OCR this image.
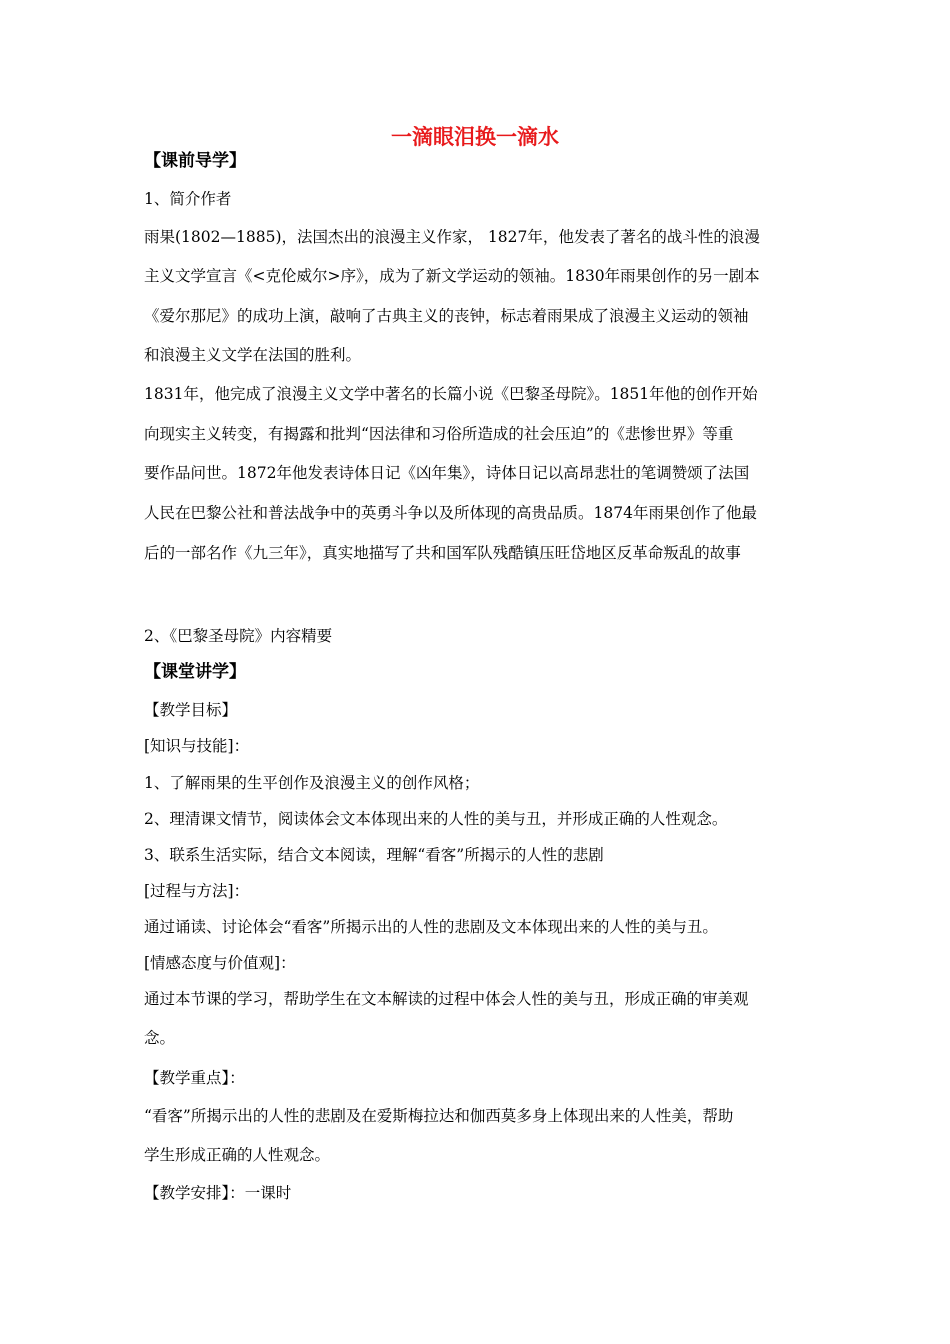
一滴眼泪换一滴水
【课前导学】
1、简介作者
雨果(1802—1885)，法国杰出的浪漫主义作家， 1827年，他发表了著名的战斗性的浪漫
主义文学宣言《<克伦威尔>序》，成为了新文学运动的领袖。1830年雨果创作的另一剧本
《爱尔那尼》的成功上演，敲响了古典主义的丧钟，标志着雨果成了浪漫主义运动的领袖
和浪漫主义文学在法国的胜利。
1831年，他完成了浪漫主义文学中著名的长篇小说《巴黎圣母院》。1851年他的创作开始
向现实主义转变，有揭露和批判“因法律和习俗所造成的社会压迫”的《悲惨世界》等重
要作品问世。1872年他发表诗体日记《凶年集》，诗体日记以高昂悲壮的笔调赞颂了法国
人民在巴黎公社和普法战争中的英勇斗争以及所体现的高贵品质。1874年雨果创作了他最
后的一部名作《九三年》，真实地描写了共和国军队残酷镇压旺岱地区反革命叛乱的故事
2、《巴黎圣母院》内容精要
【课堂讲学】
【教学目标】
[知识与技能]：
1、了解雨果的生平创作及浪漫主义的创作风格；
2、理清课文情节，阅读体会文本体现出来的人性的美与丑，并形成正确的人性观念。
3、联系生活实际，结合文本阅读，理解“看客”所揭示的人性的悲剧
[过程与方法]：
通过诵读、讨论体会“看客”所揭示出的人性的悲剧及文本体现出来的人性的美与丑。
[情感态度与价值观]：
通过本节课的学习，帮助学生在文本解读的过程中体会人性的美与丑，形成正确的审美观
念。
【教学重点】：
“看客”所揭示出的人性的悲剧及在爱斯梅拉达和伽西莫多身上体现出来的人性美，帮助
学生形成正确的人性观念。
【教学安排】：一课时
